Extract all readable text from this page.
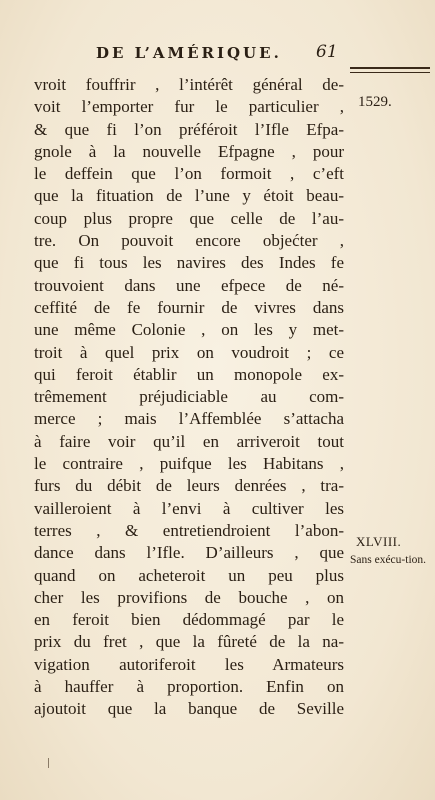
DE L’AMÉRIQUE. 61
1529.
vroit fouffrir , l’intérêt général de-
voit l’emporter fur le particulier ,
& que fi l’on préféroit l’Ifle Efpa-
gnole à la nouvelle Efpagne , pour
le deffein que l’on formoit , c’eft
que la fituation de l’une y étoit beau-
coup plus propre que celle de l’au-
tre. On pouvoit encore objećter ,
que fi tous les navires des Indes fe
trouvoient dans une efpece de né-
ceffité de fe fournir de vivres dans
une même Colonie , on les y met-
troit à quel prix on voudroit ; ce
qui feroit établir un monopole ex-
trêmement préjudiciable au com-
merce ; mais l’Affemblée s’attacha
à faire voir qu’il en arriveroit tout
le contraire , puifque les Habitans ,
furs du débit de leurs denrées , tra-
vailleroient à l’envi à cultiver les
terres , & entretiendroient l’abon-
dance dans l’Ifle. D’ailleurs , que
quand on acheteroit un peu plus
cher les provifions de bouche , on
en feroit bien dédommagé par le
prix du fret , que la fûreté de la na-
vigation autoriferoit les Armateurs
à hauffer à proportion. Enfin on
ajoutoit que la banque de Seville
XLVIII.
Sans exécu-tion.
